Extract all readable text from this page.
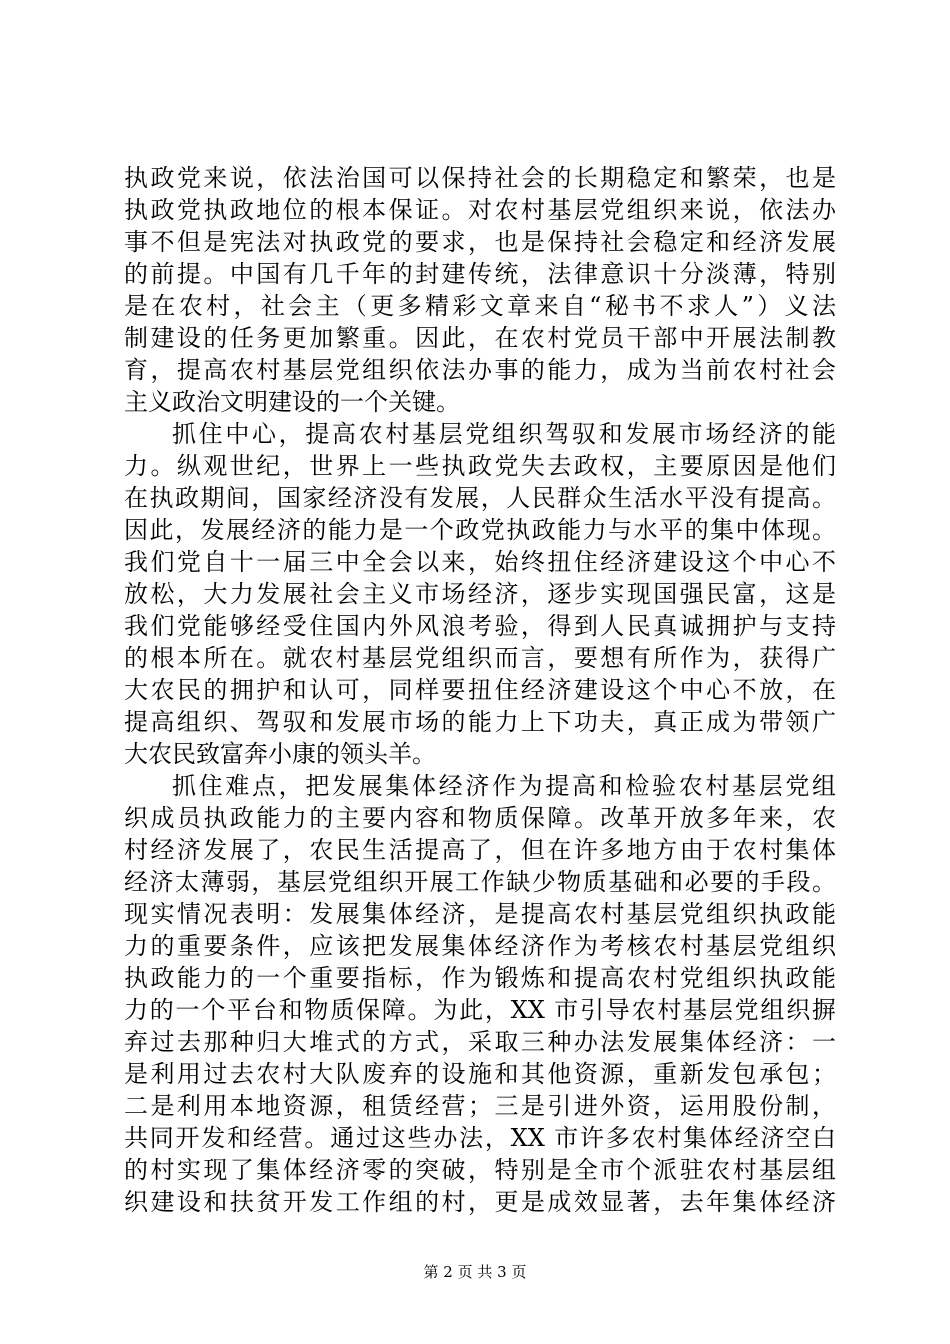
执政党来说，依法治国可以保持社会的长期稳定和繁荣，也是
执政党执政地位的根本保证。对农村基层党组织来说，依法办
事不但是宪法对执政党的要求，也是保持社会稳定和经济发展
的前提。中国有几千年的封建传统，法律意识十分淡薄，特别
是在农村，社会主（更多精彩文章来自“秘书不求人”）义法
制建设的任务更加繁重。因此，在农村党员干部中开展法制教
育，提高农村基层党组织依法办事的能力，成为当前农村社会
主义政治文明建设的一个关键。
抓住中心，提高农村基层党组织驾驭和发展市场经济的能
力。纵观世纪，世界上一些执政党失去政权，主要原因是他们
在执政期间，国家经济没有发展，人民群众生活水平没有提高。
因此，发展经济的能力是一个政党执政能力与水平的集中体现。
我们党自十一届三中全会以来，始终扭住经济建设这个中心不
放松，大力发展社会主义市场经济，逐步实现国强民富，这是
我们党能够经受住国内外风浪考验，得到人民真诚拥护与支持
的根本所在。就农村基层党组织而言，要想有所作为，获得广
大农民的拥护和认可，同样要扭住经济建设这个中心不放，在
提高组织、驾驭和发展市场的能力上下功夫，真正成为带领广
大农民致富奔小康的领头羊。
抓住难点，把发展集体经济作为提高和检验农村基层党组
织成员执政能力的主要内容和物质保障。改革开放多年来，农
村经济发展了，农民生活提高了，但在许多地方由于农村集体
经济太薄弱，基层党组织开展工作缺少物质基础和必要的手段。
现实情况表明：发展集体经济，是提高农村基层党组织执政能
力的重要条件，应该把发展集体经济作为考核农村基层党组织
执政能力的一个重要指标，作为锻炼和提高农村党组织执政能
力的一个平台和物质保障。为此，XX 市引导农村基层党组织摒
弃过去那种归大堆式的方式，采取三种办法发展集体经济：一
是利用过去农村大队废弃的设施和其他资源，重新发包承包；
二是利用本地资源，租赁经营；三是引进外资，运用股份制，
共同开发和经营。通过这些办法，XX 市许多农村集体经济空白
的村实现了集体经济零的突破，特别是全市个派驻农村基层组
织建设和扶贫开发工作组的村，更是成效显著，去年集体经济
第 2 页 共 3 页
